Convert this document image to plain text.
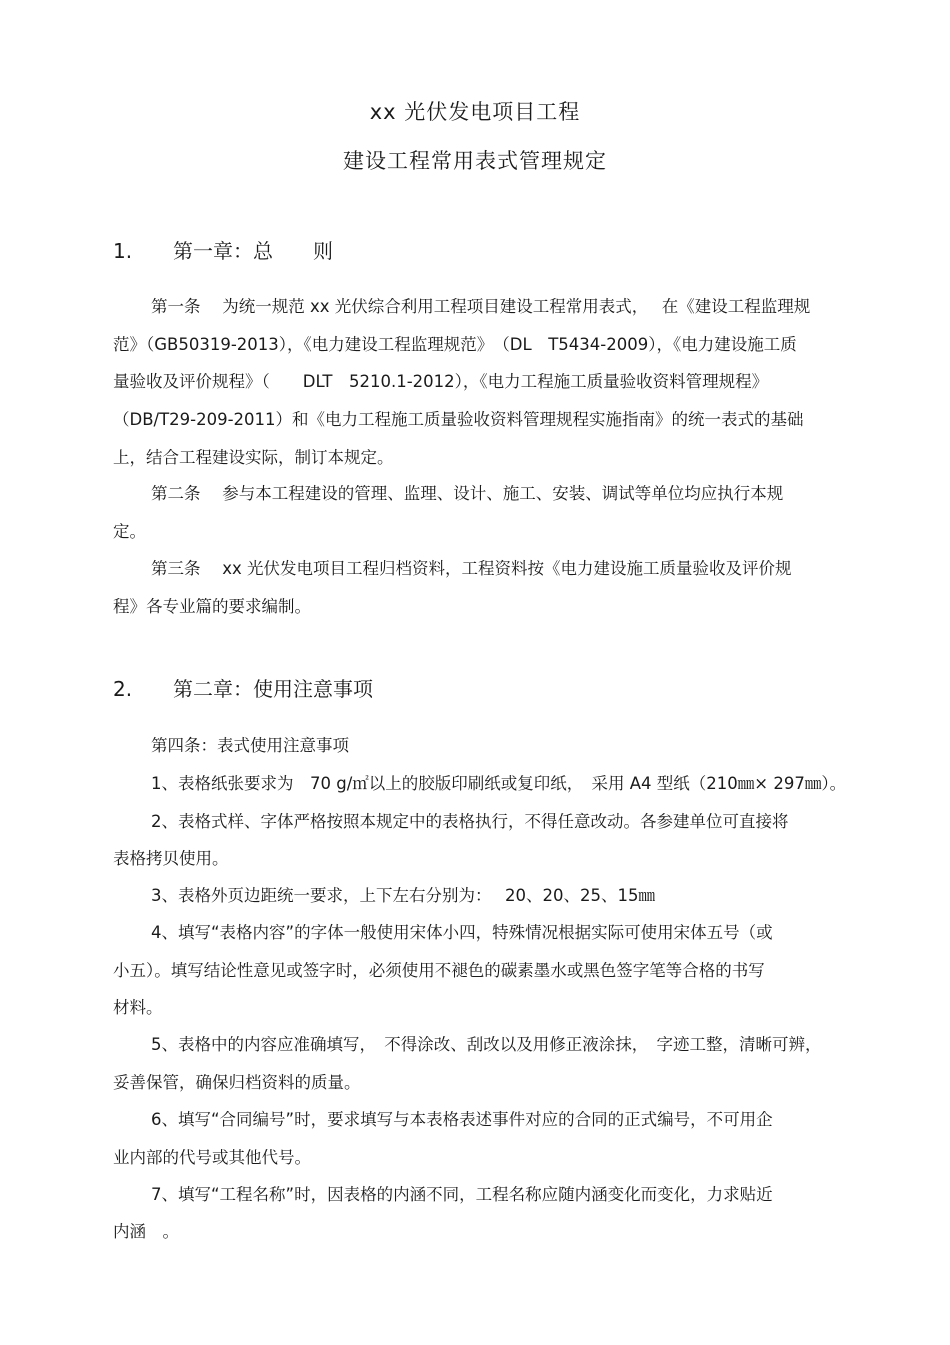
xx 光伏发电项目工程
建设工程常用表式管理规定
1. 第一章：总　　则
第一条　 为统一规范 xx 光伏综合利用工程项目建设工程常用表式，　 在《建设工程监理规
范》（GB50319-2013），《电力建设工程监理规范》　（DL　T5434-2009），《电力建设施工质
量验收及评价规程》（　　DLT　5210.1-2012），《电力工程施工质量验收资料管理规程》
（DB/T29-209-2011）和《电力工程施工质量验收资料管理规程实施指南》的统一表式的基础
上，结合工程建设实际，制订本规定。
第二条　 参与本工程建设的管理、监理、设计、施工、安装、调试等单位均应执行本规
定。
第三条　 xx 光伏发电项目工程归档资料，工程资料按《电力建设施工质量验收及评价规
程》各专业篇的要求编制。
2. 第二章：使用注意事项
第四条：表式使用注意事项
1、表格纸张要求为　70 g/㎡以上的胶版印刷纸或复印纸，　采用 A4 型纸（210㎜× 297㎜）。
2、表格式样、字体严格按照本规定中的表格执行，不得任意改动。各参建单位可直接将
表格拷贝使用。
3、表格外页边距统一要求，上下左右分别为：　 20、20、25、15㎜
4、填写“表格内容”的字体一般使用宋体小四，特殊情况根据实际可使用宋体五号（或
小五）。填写结论性意见或签字时，必须使用不褪色的碳素墨水或黑色签字笔等合格的书写
材料。
5、表格中的内容应准确填写，　不得涂改、刮改以及用修正液涂抹，　字迹工整，清晰可辨，
妥善保管，确保归档资料的质量。
6、填写“合同编号”时，要求填写与本表格表述事件对应的合同的正式编号，不可用企
业内部的代号或其他代号。
7、填写“工程名称”时，因表格的内涵不同，工程名称应随内涵变化而变化，力求贴近
内涵　。
